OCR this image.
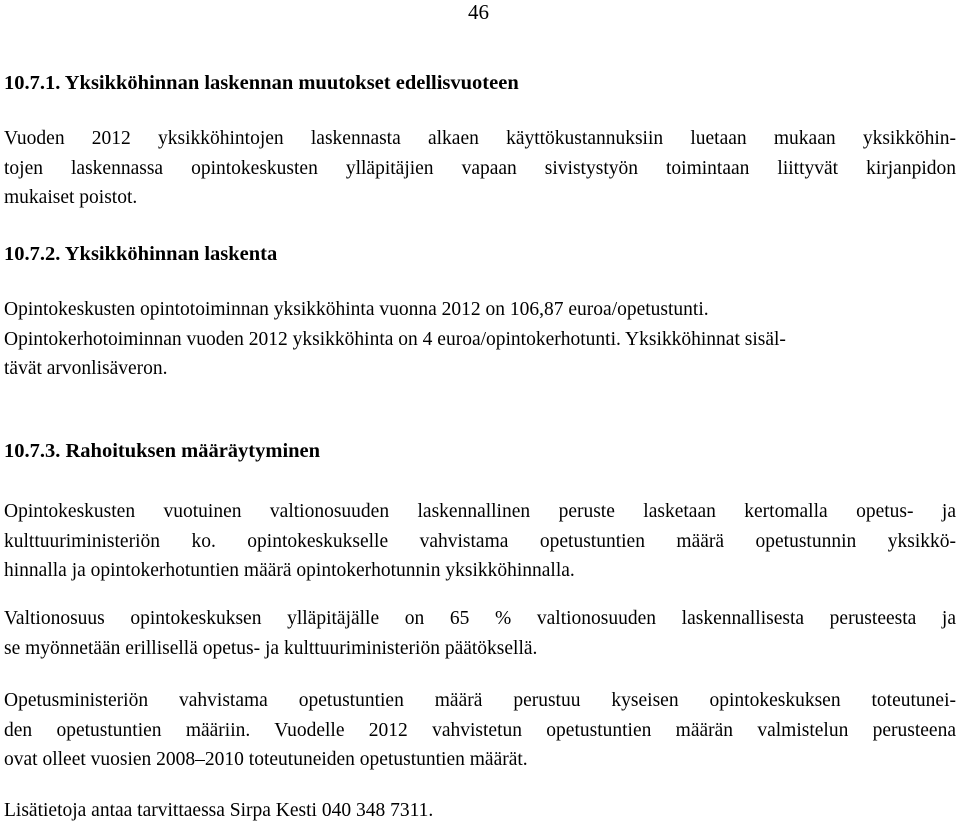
46
10.7.1. Yksikköhinnan laskennan muutokset edellisvuoteen

Vuoden 2012 yksikköhintojen laskennasta alkaen käyttökustannuksiin luetaan mukaan yksikköhin-
tojen laskennassa opintokeskusten ylläpitäjien vapaan sivistystyön toimintaan liittyvät kirjanpidon
mukaiset poistot.

10.7.2. Yksikköhinnan laskenta

Opintokeskusten opintotoiminnan yksikköhinta vuonna 2012 on 106,87 euroa/opetustunti.
Opintokerhotoiminnan vuoden 2012 yksikköhinta on 4 euroa/opintokerhotunti. Yksikköhinnat sisäl-
tävät arvonlisäveron.

10.7.3. Rahoituksen määräytyminen

Opintokeskusten vuotuinen valtionosuuden laskennallinen peruste lasketaan kertomalla opetus- ja
kulttuuriministeriön ko. opintokeskukselle vahvistama opetustuntien määrä opetustunnin yksikkö-
hinnalla ja opintokerhotuntien määrä opintokerhotunnin yksikköhinnalla.

Valtionosuus opintokeskuksen ylläpitäjälle on 65 % valtionosuuden laskennallisesta perusteesta ja
se myönnetään erillisellä opetus- ja kulttuuriministeriön päätöksellä.

Opetusministeriön vahvistama opetustuntien määrä perustuu kyseisen opintokeskuksen toteutunei-
den opetustuntien määriin. Vuodelle 2012 vahvistetun opetustuntien määrän valmistelun perusteena
ovat olleet vuosien 2008–2010 toteutuneiden opetustuntien määrät.

Lisätietoja antaa tarvittaessa Sirpa Kesti 040 348 7311.
